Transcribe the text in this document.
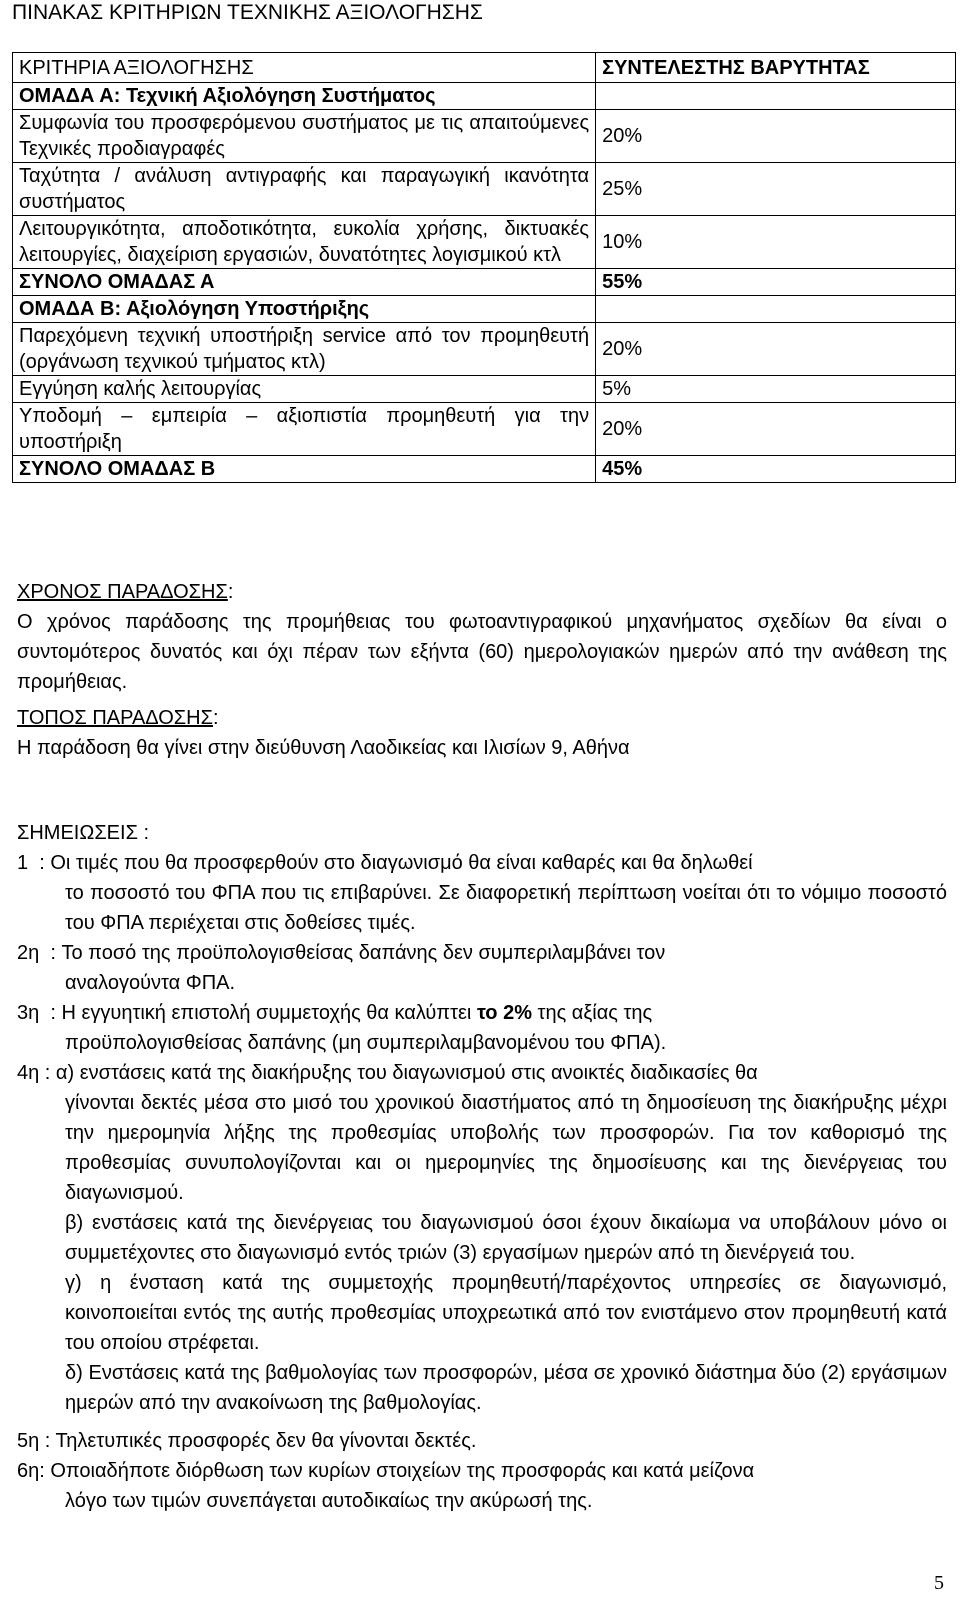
ΠΙΝΑΚΑΣ ΚΡΙΤΗΡΙΩΝ ΤΕΧΝΙΚΗΣ ΑΞΙΟΛΟΓΗΣΗΣ
ΚΡΙΤΗΡΙΑ ΑΞΙΟΛΟΓΗΣΗΣ	ΣΥΝΤΕΛΕΣΤΗΣ ΒΑΡΥΤΗΤΑΣ
ΟΜΑΔΑ Α: Τεχνική Αξιολόγηση Συστήματος	
Συμφωνία του προσφερόμενου συστήματος με τις απαιτούμενες Τεχνικές προδιαγραφές	20%
Ταχύτητα / ανάλυση αντιγραφής και παραγωγική ικανότητα συστήματος	25%
Λειτουργικότητα, αποδοτικότητα, ευκολία χρήσης, δικτυακές λειτουργίες, διαχείριση εργασιών, δυνατότητες λογισμικού κτλ	10%
ΣΥΝΟΛΟ ΟΜΑΔΑΣ Α	55%
ΟΜΑΔΑ Β: Αξιολόγηση Υποστήριξης	
Παρεχόμενη τεχνική υποστήριξη service από τον προμηθευτή (οργάνωση τεχνικού τμήματος κτλ)	20%
Εγγύηση καλής λειτουργίας	5%
Υποδομή – εμπειρία – αξιοπιστία προμηθευτή για την υποστήριξη	20%
ΣΥΝΟΛΟ ΟΜΑΔΑΣ Β	45%
ΧΡΟΝΟΣ ΠΑΡΑΔΟΣΗΣ:
Ο χρόνος παράδοσης της προμήθειας του φωτοαντιγραφικού μηχανήματος σχεδίων θα είναι ο συντομότερος δυνατός και όχι πέραν των εξήντα (60) ημερολογιακών ημερών από την ανάθεση της προμήθειας.
ΤΟΠΟΣ ΠΑΡΑΔΟΣΗΣ:
Η παράδοση θα γίνει στην διεύθυνση Λαοδικείας και Ιλισίων 9, Αθήνα
ΣΗΜΕΙΩΣΕΙΣ :
1  : Οι τιμές που θα προσφερθούν στο διαγωνισμό θα είναι καθαρές και θα δηλωθεί
το ποσοστό του ΦΠΑ που τις επιβαρύνει. Σε διαφορετική περίπτωση νοείται ότι το νόμιμο ποσοστό του ΦΠΑ περιέχεται στις δοθείσες τιμές.
2η  : Το ποσό της προϋπολογισθείσας δαπάνης δεν συμπεριλαμβάνει τον
αναλογούντα ΦΠΑ.
3η  : Η εγγυητική επιστολή συμμετοχής θα καλύπτει το 2% της αξίας της
προϋπολογισθείσας δαπάνης (μη συμπεριλαμβανομένου του ΦΠΑ).
4η : α) ενστάσεις κατά της διακήρυξης του διαγωνισμού στις ανοικτές διαδικασίες θα
γίνονται δεκτές μέσα στο μισό του χρονικού διαστήματος από τη δημοσίευση της διακήρυξης μέχρι την ημερομηνία λήξης της προθεσμίας υποβολής των προσφορών. Για τον καθορισμό της προθεσμίας συνυπολογίζονται και οι ημερομηνίες της δημοσίευσης και της διενέργειας του διαγωνισμού.
β) ενστάσεις κατά της διενέργειας του διαγωνισμού όσοι έχουν δικαίωμα να υποβάλουν μόνο οι συμμετέχοντες στο διαγωνισμό εντός τριών (3) εργασίμων ημερών από τη διενέργειά του.
γ) η ένσταση κατά της συμμετοχής προμηθευτή/παρέχοντος υπηρεσίες σε διαγωνισμό, κοινοποιείται εντός της αυτής προθεσμίας υποχρεωτικά από τον ενιστάμενο στον προμηθευτή κατά του οποίου στρέφεται.
δ) Ενστάσεις κατά της βαθμολογίας των προσφορών, μέσα σε χρονικό διάστημα δύο (2) εργάσιμων ημερών από την ανακοίνωση της βαθμολογίας.
5η : Τηλετυπικές προσφορές δεν θα γίνονται δεκτές.
6η: Οποιαδήποτε διόρθωση των κυρίων στοιχείων της προσφοράς και κατά μείζονα
λόγο των τιμών συνεπάγεται αυτοδικαίως την ακύρωσή της.
5
